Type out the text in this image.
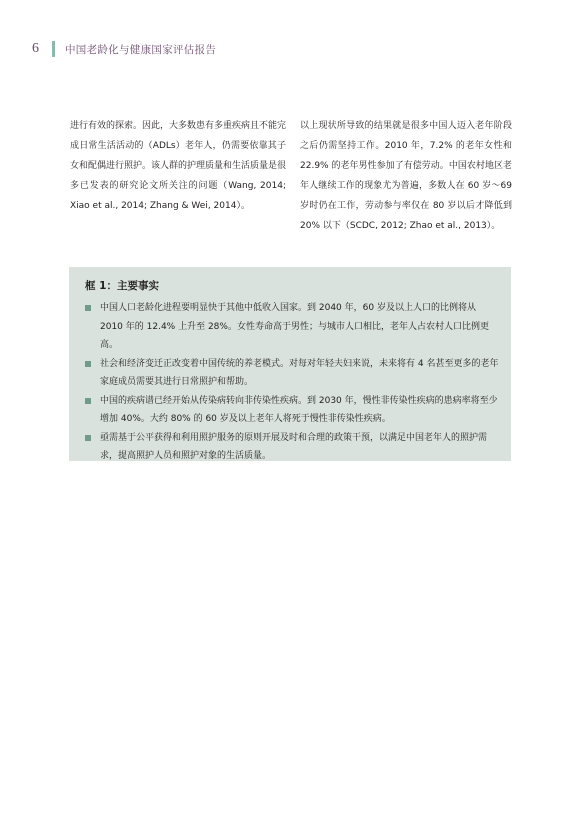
6	中国老龄化与健康国家评估报告
进行有效的探索。因此，大多数患有多重疾病且不能完成日常生活活动的（ADLs）老年人，仍需要依靠其子女和配偶进行照护。该人群的护理质量和生活质量是很多已发表的研究论文所关注的问题（Wang, 2014; Xiao et al., 2014; Zhang & Wei, 2014）。
以上现状所导致的结果就是很多中国人迈入老年阶段之后仍需坚持工作。2010 年，7.2% 的老年女性和 22.9% 的老年男性参加了有偿劳动。中国农村地区老年人继续工作的现象尤为普遍，多数人在 60 岁～69 岁时仍在工作，劳动参与率仅在 80 岁以后才降低到 20% 以下（SCDC, 2012; Zhao et al., 2013）。
框 1：主要事实
中国人口老龄化进程要明显快于其他中低收入国家。到 2040 年，60 岁及以上人口的比例将从 2010 年的 12.4% 上升至 28%。女性寿命高于男性；与城市人口相比，老年人占农村人口比例更高。
社会和经济变迁正改变着中国传统的养老模式。对每对年轻夫妇来说，未来将有 4 名甚至更多的老年家庭成员需要其进行日常照护和帮助。
中国的疾病谱已经开始从传染病转向非传染性疾病。到 2030 年，慢性非传染性疾病的患病率将至少增加 40%。大约 80% 的 60 岁及以上老年人将死于慢性非传染性疾病。
亟需基于公平获得和利用照护服务的原则开展及时和合理的政策干预，以满足中国老年人的照护需求，提高照护人员和照护对象的生活质量。
